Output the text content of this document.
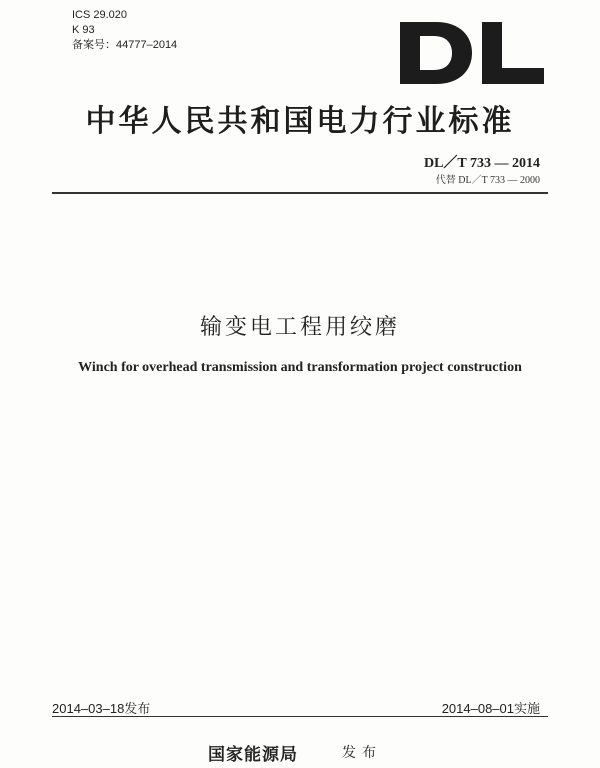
ICS 29.020
K 93
备案号：44777–2014
中华人民共和国电力行业标准
DL／T 733 — 2014
代替 DL／T 733 — 2000
输变电工程用绞磨
Winch for overhead transmission and transformation project construction
2014–03–18发布	2014–08–01实施
国家能源局	发布
